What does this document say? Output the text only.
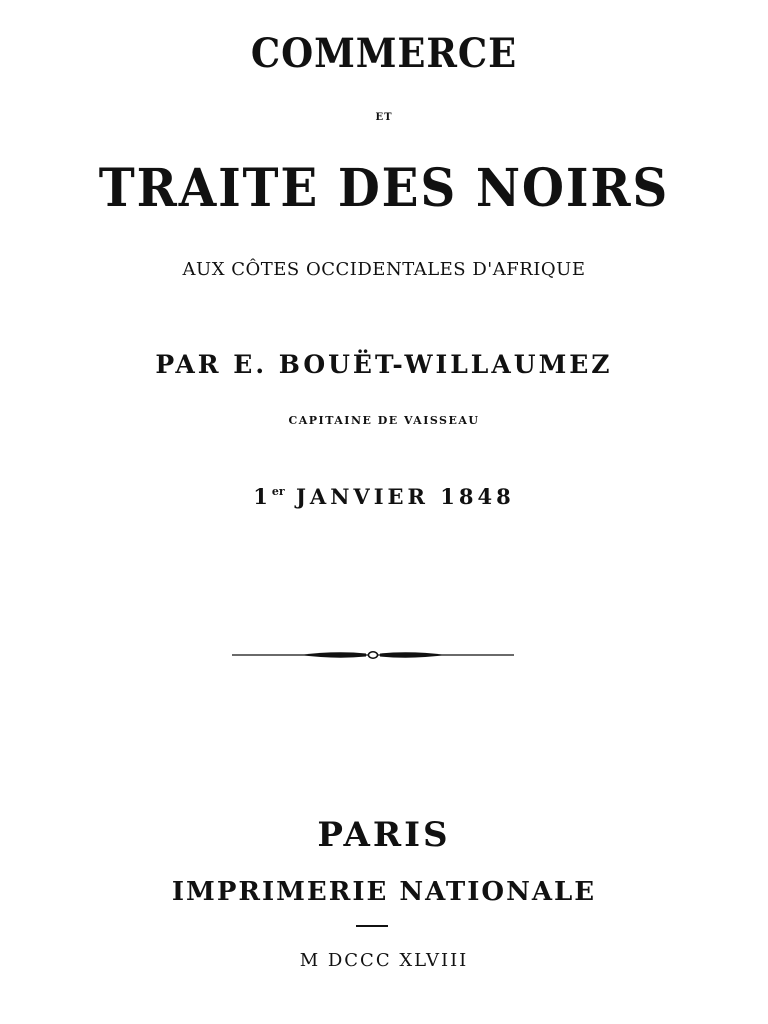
COMMERCE
ET
TRAITE DES NOIRS
AUX CÔTES OCCIDENTALES D'AFRIQUE
PAR E. BOUËT-WILLAUMEZ
CAPITAINE DE VAISSEAU
1er JANVIER 1848
PARIS
IMPRIMERIE NATIONALE
M DCCC XLVIII
